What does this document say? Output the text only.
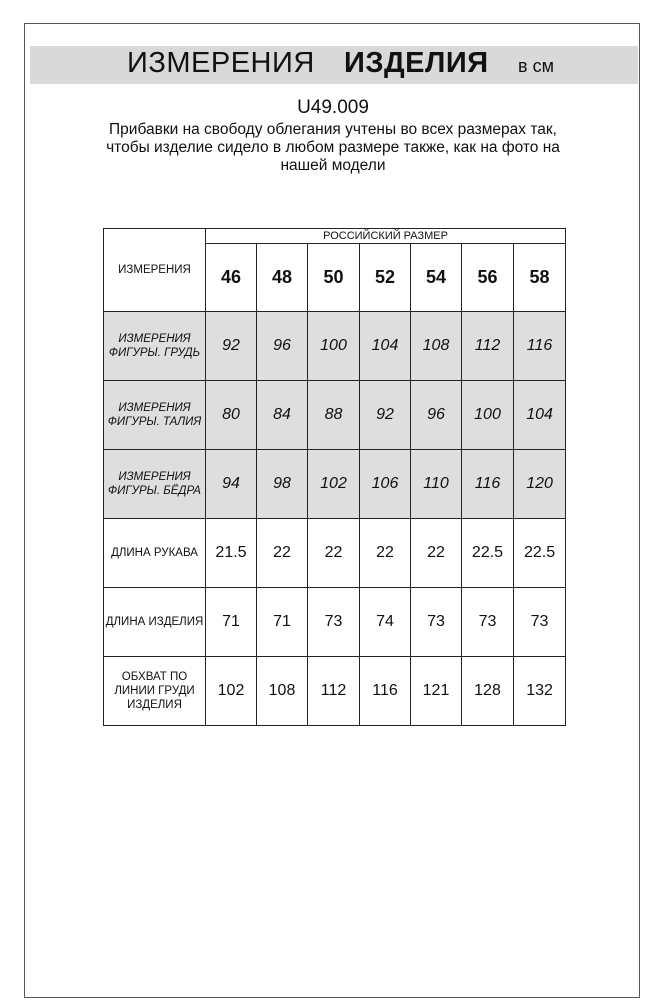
ИЗМЕРЕНИЯ ИЗДЕЛИЯ в см
U49.009
Прибавки на свободу облегания учтены во всех размерах так, чтобы изделие сидело в любом размере также, как на фото на нашей модели
ИЗМЕРЕНИЯ	РОССИЙСКИЙ РАЗМЕР						
	46	48	50	52	54	56	58
ИЗМЕРЕНИЯ ФИГУРЫ. ГРУДЬ	92	96	100	104	108	112	116
ИЗМЕРЕНИЯ ФИГУРЫ. ТАЛИЯ	80	84	88	92	96	100	104
ИЗМЕРЕНИЯ ФИГУРЫ. БЁДРА	94	98	102	106	110	116	120
ДЛИНА РУКАВА	21.5	22	22	22	22	22.5	22.5
ДЛИНА ИЗДЕЛИЯ	71	71	73	74	73	73	73
ОБХВАТ ПО ЛИНИИ ГРУДИ ИЗДЕЛИЯ	102	108	112	116	121	128	132
